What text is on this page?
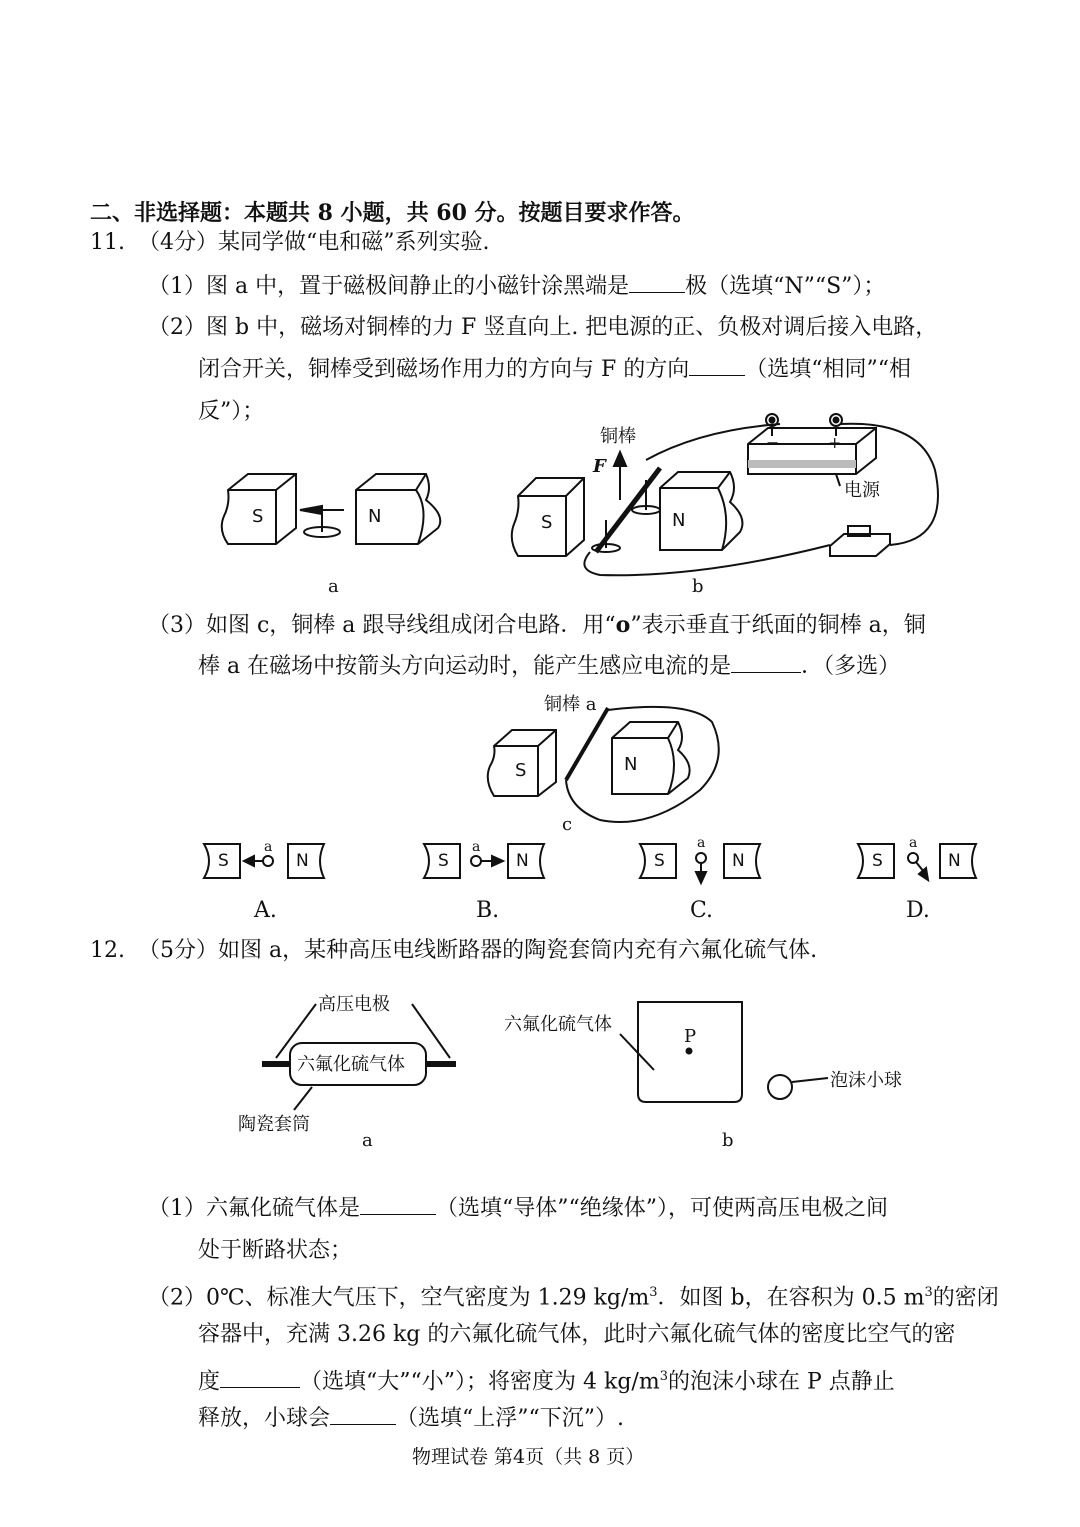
二、非选择题：本题共 8 小题，共 60 分。按题目要求作答。
11. （4分）某同学做“电和磁”系列实验.
（1）图 a 中，置于磁极间静止的小磁针涂黑端是	极（选填“N”“S”）；
（2）图 b 中，磁场对铜棒的力 F 竖直向上. 把电源的正、负极对调后接入电路，
闭合开关，铜棒受到磁场作用力的方向与 F 的方向	（选填“相同”“相
反”）；
S	N
a
铜棒
F
S	N
−	+
电源
b
（3）如图 c，铜棒 a 跟导线组成闭合电路．用“o”表示垂直于纸面的铜棒 a，铜
棒 a 在磁场中按箭头方向运动时，能产生感应电流的是	．（多选）
铜棒 a
S	N
c
S	N
a
A.
S	N
a
B.
S	N
a
C.
S	N
a
D.
12. （5分）如图 a，某种高压电线断路器的陶瓷套筒内充有六氟化硫气体.
高压电极
六氟化硫气体
陶瓷套筒
a
六氟化硫气体
P
泡沫小球
b
（1）六氟化硫气体是	（选填“导体”“绝缘体”），可使两高压电极之间
处于断路状态；
（2）0℃、标准大气压下，空气密度为 1.29 $kg/m^3$．如图 b，在容积为 0.5 $m^3$的密闭
容器中，充满 3.26 kg 的六氟化硫气体，此时六氟化硫气体的密度比空气的密
度	（选填“大”“小”）；将密度为 4 $kg/m^3$的泡沫小球在 P 点静止
释放，小球会	（选填“上浮”“下沉”）.
物理试卷 第4页（共 8 页）
